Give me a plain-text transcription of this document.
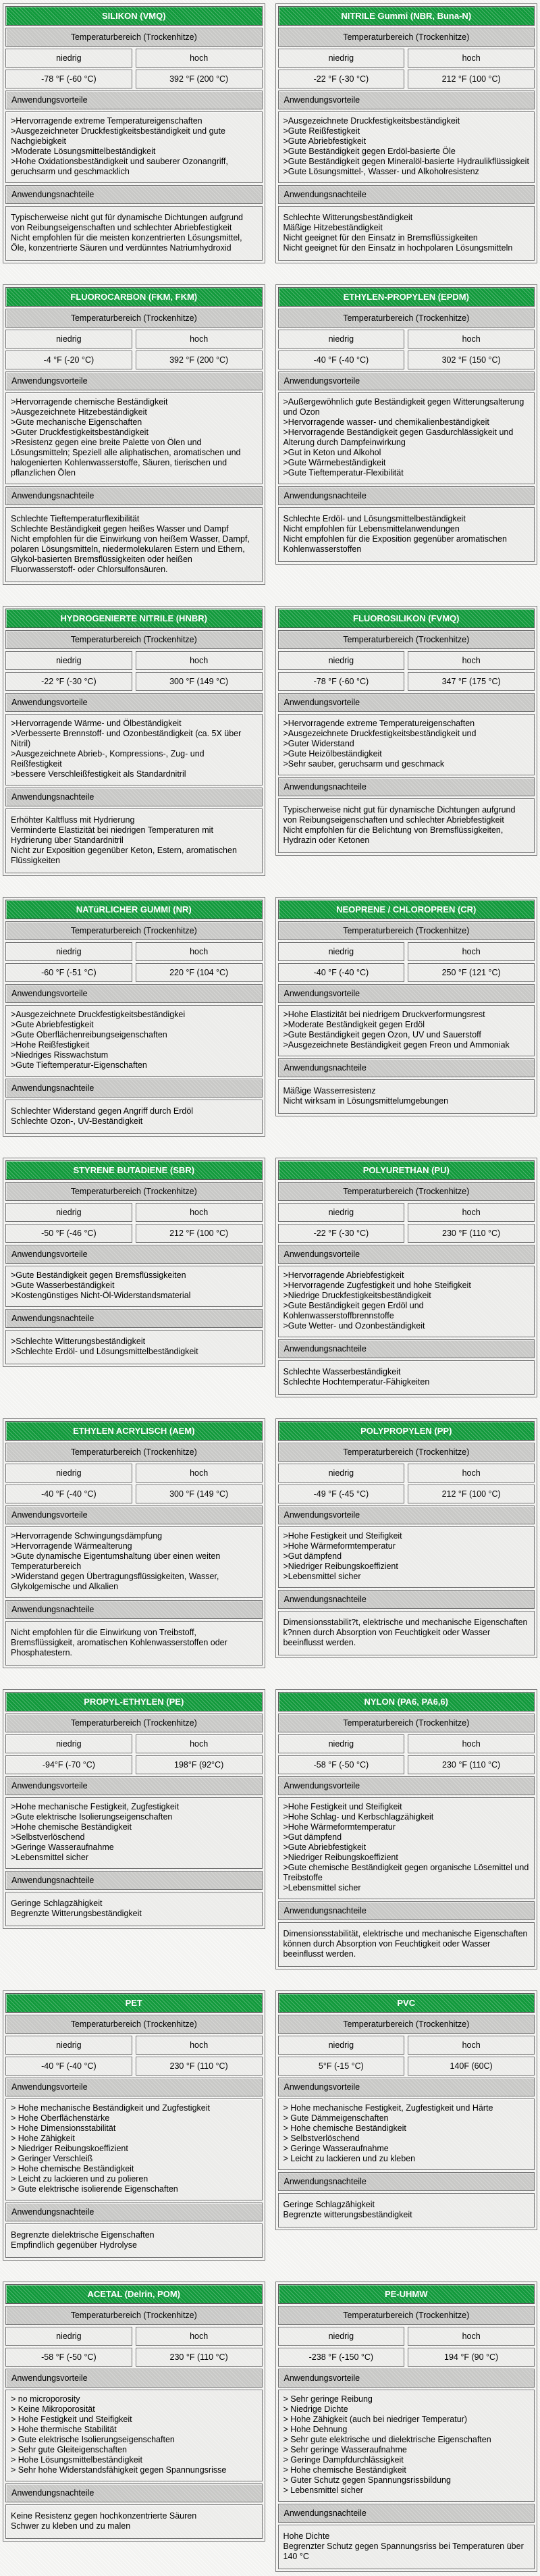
SILIKON (VMQ)
Temperaturbereich (Trockenhitze)
niedrig	hoch
-78 °F (-60 °C)	392 °F (200 °C)
Anwendungsvorteile
>Hervorragende extreme Temperatureigenschaften
>Ausgezeichneter Druckfestigkeitsbeständigkeit und gute Nachgiebigkeit
>Moderate Lösungsmittelbeständigkeit
>Hohe Oxidationsbeständigkeit und sauberer Ozonangriff, geruchsarm und geschmacklich
Anwendungsnachteile
Typischerweise nicht gut für dynamische Dichtungen aufgrund von Reibungseigenschaften und schlechter Abriebfestigkeit
Nicht empfohlen für die meisten konzentrierten Lösungsmittel, Öle, konzentrierte Säuren und verdünntes Natriumhydroxid
NITRILE Gummi (NBR, Buna-N)
Temperaturbereich (Trockenhitze)
niedrig	hoch
-22 °F (-30 °C)	212 °F (100 °C)
Anwendungsvorteile
>Ausgezeichnete Druckfestigkeitsbeständigkeit
>Gute Reißfestigkeit
>Gute Abriebfestigkeit
>Gute Beständigkeit gegen Erdöl-basierte Öle
>Gute Beständigkeit gegen Mineralöl-basierte Hydraulikflüssigkeit
>Gute Lösungsmittel-, Wasser- und Alkoholresistenz
Anwendungsnachteile
Schlechte Witterungsbeständigkeit
Mäßige Hitzebeständigkeit
Nicht geeignet für den Einsatz in Bremsflüssigkeiten
Nicht geeignet für den Einsatz in hochpolaren Lösungsmitteln
FLUOROCARBON (FKM, FKM)
Temperaturbereich (Trockenhitze)
niedrig	hoch
-4 °F (-20 °C)	392 °F (200 °C)
Anwendungsvorteile
>Hervorragende chemische Beständigkeit
>Ausgezeichnete Hitzebeständigkeit
>Gute mechanische Eigenschaften
>Guter Druckfestigkeitsbeständigkeit
>Resistenz gegen eine breite Palette von Ölen und Lösungsmitteln; Speziell alle aliphatischen, aromatischen und halogenierten Kohlenwasserstoffe, Säuren, tierischen und pflanzlichen Ölen
Anwendungsnachteile
Schlechte Tieftemperaturflexibilität
Schlechte Beständigkeit gegen heißes Wasser und Dampf
Nicht empfohlen für die Einwirkung von heißem Wasser, Dampf, polaren Lösungsmitteln, niedermolekularen Estern und Ethern, Glykol-basierten Bremsflüssigkeiten oder heißen Fluorwasserstoff- oder Chlorsulfonsäuren.
ETHYLEN-PROPYLEN (EPDM)
Temperaturbereich (Trockenhitze)
niedrig	hoch
-40 °F (-40 °C)	302 °F (150 °C)
Anwendungsvorteile
>Außergewöhnlich gute Beständigkeit gegen Witterungsalterung und Ozon
>Hervorragende wasser- und chemikalienbeständigkeit
>Hervorragende Beständigkeit gegen Gasdurchlässigkeit und Alterung durch Dampfeinwirkung
>Gut in Keton und Alkohol
>Gute Wärmebeständigkeit
>Gute Tieftemperatur-Flexibilität
Anwendungsnachteile
Schlechte Erdöl- und Lösungsmittelbeständigkeit
Nicht empfohlen für Lebensmittelanwendungen
Nicht empfohlen für die Exposition gegenüber aromatischen Kohlenwasserstoffen
HYDROGENIERTE NITRILE (HNBR)
Temperaturbereich (Trockenhitze)
niedrig	hoch
-22 °F (-30 °C)	300 °F (149 °C)
Anwendungsvorteile
>Hervorragende Wärme- und Ölbeständigkeit
>Verbesserte Brennstoff- und Ozonbeständigkeit (ca. 5X über Nitril)
>Ausgezeichnete Abrieb-, Kompressions-, Zug- und Reißfestigkeit
>bessere Verschleißfestigkeit als Standardnitril
Anwendungsnachteile
Erhöhter Kaltfluss mit Hydrierung
Verminderte Elastizität bei niedrigen Temperaturen mit Hydrierung über Standardnitril
Nicht zur Exposition gegenüber Keton, Estern, aromatischen Flüssigkeiten
FLUOROSILIKON (FVMQ)
Temperaturbereich (Trockenhitze)
niedrig	hoch
-78 °F (-60 °C)	347 °F (175 °C)
Anwendungsvorteile
>Hervorragende extreme Temperatureigenschaften
>Ausgezeichnete Druckfestigkeitsbeständigkeit und
>Guter Widerstand
>Gute Heizölbeständigkeit
>Sehr sauber, geruchsarm und geschmack
Anwendungsnachteile
Typischerweise nicht gut für dynamische Dichtungen aufgrund von Reibungseigenschaften und schlechter Abriebfestigkeit
Nicht empfohlen für die Belichtung von Bremsflüssigkeiten, Hydrazin oder Ketonen
NATüRLICHER GUMMI (NR)
Temperaturbereich (Trockenhitze)
niedrig	hoch
-60 °F (-51 °C)	220 °F (104 °C)
Anwendungsvorteile
>Ausgezeichnete Druckfestigkeitsbeständigkei
>Gute Abriebfestigkeit
>Gute Oberflächenreibungseigenschaften
>Hohe Reißfestigkeit
>Niedriges Risswachstum
>Gute Tieftemperatur-Eigenschaften
Anwendungsnachteile
Schlechter Widerstand gegen Angriff durch Erdöl
Schlechte Ozon-, UV-Beständigkeit
NEOPRENE / CHLOROPREN (CR)
Temperaturbereich (Trockenhitze)
niedrig	hoch
-40 °F (-40 °C)	250 °F (121 °C)
Anwendungsvorteile
>Hohe Elastizität bei niedrigem Druckverformungsrest
>Moderate Beständigkeit gegen Erdöl
>Gute Beständigkeit gegen Ozon, UV und Sauerstoff
>Ausgezeichnete Beständigkeit gegen Freon und Ammoniak
Anwendungsnachteile
Mäßige Wasserresistenz
Nicht wirksam in Lösungsmittelumgebungen
STYRENE BUTADIENE (SBR)
Temperaturbereich (Trockenhitze)
niedrig	hoch
-50 °F (-46 °C)	212 °F (100 °C)
Anwendungsvorteile
>Gute Beständigkeit gegen Bremsflüssigkeiten
>Gute Wasserbeständigkeit
>Kostengünstiges Nicht-Öl-Widerstandsmaterial
Anwendungsnachteile
>Schlechte Witterungsbeständigkeit
>Schlechte Erdöl- und Lösungsmittelbeständigkeit
POLYURETHAN (PU)
Temperaturbereich (Trockenhitze)
niedrig	hoch
-22 °F (-30 °C)	230 °F (110 °C)
Anwendungsvorteile
>Hervorragende Abriebfestigkeit
>Hervorragende Zugfestigkeit und hohe Steifigkeit
>Niedrige Druckfestigkeitsbeständigkeit
>Gute Beständigkeit gegen Erdöl und Kohlenwasserstoffbrennstoffe
>Gute Wetter- und Ozonbeständigkeit
Anwendungsnachteile
Schlechte Wasserbeständigkeit
Schlechte Hochtemperatur-Fähigkeiten
ETHYLEN ACRYLISCH (AEM)
Temperaturbereich (Trockenhitze)
niedrig	hoch
-40 °F (-40 °C)	300 °F (149 °C)
Anwendungsvorteile
>Hervorragende Schwingungsdämpfung
>Hervorragende Wärmealterung
>Gute dynamische Eigentumshaltung über einen weiten Temperaturbereich
>Widerstand gegen Übertragungsflüssigkeiten, Wasser, Glykolgemische und Alkalien
Anwendungsnachteile
Nicht empfohlen für die Einwirkung von Treibstoff, Bremsflüssigkeit, aromatischen Kohlenwasserstoffen oder Phosphatestern.
POLYPROPYLEN (PP)
Temperaturbereich (Trockenhitze)
niedrig	hoch
-49 °F (-45 °C)	212 °F (100 °C)
Anwendungsvorteile
>Hohe Festigkeit und Steifigkeit
>Hohe Wärmeformtemperatur
>Gut dämpfend
>Niedriger Reibungskoeffizient
>Lebensmittel sicher
Anwendungsnachteile
Dimensionsstabilit?t, elektrische und mechanische Eigenschaften k?nnen durch Absorption von Feuchtigkeit oder Wasser beeinflusst werden.
PROPYL-ETHYLEN (PE)
Temperaturbereich (Trockenhitze)
niedrig	hoch
-94°F (-70 °C)	198°F (92°C)
Anwendungsvorteile
>Hohe mechanische Festigkeit, Zugfestigkeit
>Gute elektrische Isolierungseigenschaften
>Hohe chemische Beständigkeit
>Selbstverlöschend
>Geringe Wasseraufnahme
>Lebensmittel sicher
Anwendungsnachteile
Geringe Schlagzähigkeit
Begrenzte Witterungsbeständigkeit
NYLON (PA6, PA6,6)
Temperaturbereich (Trockenhitze)
niedrig	hoch
-58 °F (-50 °C)	230 °F (110 °C)
Anwendungsvorteile
>Hohe Festigkeit und Steifigkeit
>Hohe Schlag- und Kerbschlagzähigkeit
>Hohe Wärmeformtemperatur
>Gut dämpfend
>Gute Abriebfestigkeit
>Niedriger Reibungskoeffizient
>Gute chemische Beständigkeit gegen organische Lösemittel und Treibstoffe
>Lebensmittel sicher
Anwendungsnachteile
Dimensionsstabilität, elektrische und mechanische Eigenschaften können durch Absorption von Feuchtigkeit oder Wasser beeinflusst werden.
PET
Temperaturbereich (Trockenhitze)
niedrig	hoch
-40 °F (-40 °C)	230 °F (110 °C)
Anwendungsvorteile
> Hohe mechanische Beständigkeit und Zugfestigkeit
> Hohe Oberflächenstärke
> Hohe Dimensionsstabilität
> Hohe Zähigkeit
> Niedriger Reibungskoeffizient
> Geringer Verschleiß
> Hohe chemische Beständigkeit
> Leicht zu lackieren und zu polieren
> Gute elektrische isolierende Eigenschaften
Anwendungsnachteile
Begrenzte dielektrische Eigenschaften
Empfindlich gegenüber Hydrolyse
PVC
Temperaturbereich (Trockenhitze)
niedrig	hoch
5°F (-15 °C)	140F (60C)
Anwendungsvorteile
> Hohe mechanische Festigkeit, Zugfestigkeit und Härte
> Gute Dämmeigenschaften
> Hohe chemische Beständigkeit
> Selbstverlöschend
> Geringe Wasseraufnahme
> Leicht zu lackieren und zu kleben
Anwendungsnachteile
Geringe Schlagzähigkeit
Begrenzte witterungsbeständigkeit
ACETAL (Delrin, POM)
Temperaturbereich (Trockenhitze)
niedrig	hoch
-58 °F (-50 °C)	230 °F (110 °C)
Anwendungsvorteile
> no microporosity
> Keine Mikroporosität
> Hohe Festigkeit und Steifigkeit
> Hohe thermische Stabilität
> Gute elektrische Isolierungseigenschaften
> Sehr gute Gleiteigenschaften
> Hohe Lösungsmittelbeständigkeit
> Sehr hohe Widerstandsfähigkeit gegen Spannungsrisse
Anwendungsnachteile
Keine Resistenz gegen hochkonzentrierte Säuren
Schwer zu kleben und zu malen
PE-UHMW
Temperaturbereich (Trockenhitze)
niedrig	hoch
-238 °F (-150 °C)	194 °F (90 °C)
Anwendungsvorteile
> Sehr geringe Reibung
> Niedrige Dichte
> Hohe Zähigkeit (auch bei niedriger Temperatur)
> Hohe Dehnung
> Sehr gute elektrische und dielektrische Eigenschaften
> Sehr geringe Wasseraufnahme
> Geringe Dampfdurchlässigkeit
> Hohe chemische Beständigkeit
> Guter Schutz gegen Spannungsrissbildung
> Lebensmittel sicher
Anwendungsnachteile
Hohe Dichte
Begrenzter Schutz gegen Spannungsriss bei Temperaturen über 140 °C
